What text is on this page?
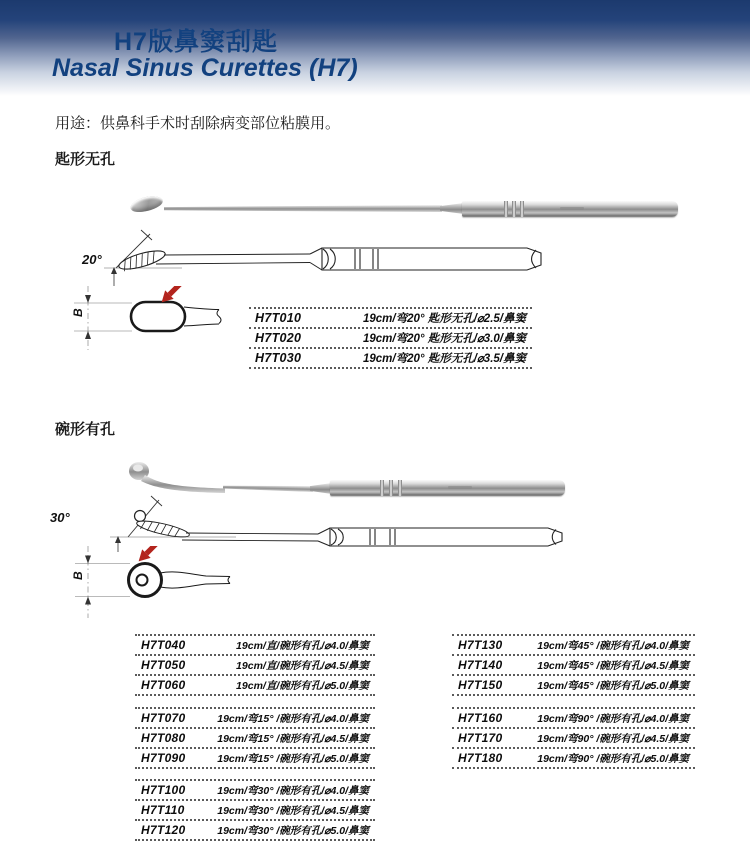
H7版鼻窦刮匙
Nasal Sinus Curettes (H7)
用途：供鼻科手术时刮除病变部位粘膜用。
匙形无孔
20°
B	H7T010	19cm/弯20° 匙形无孔/⌀2.5/鼻窦
H7T020	19cm/弯20° 匙形无孔/⌀3.0/鼻窦
H7T030	19cm/弯20° 匙形无孔/⌀3.5/鼻窦
碗形有孔
30°
B
H7T040	19cm/直/碗形有孔/⌀4.0/鼻窦
H7T050	19cm/直/碗形有孔/⌀4.5/鼻窦
H7T060	19cm/直/碗形有孔/⌀5.0/鼻窦
H7T130	19cm/弯45° /碗形有孔/⌀4.0/鼻窦
H7T140	19cm/弯45° /碗形有孔/⌀4.5/鼻窦
H7T150	19cm/弯45° /碗形有孔/⌀5.0/鼻窦
H7T070	19cm/弯15° /碗形有孔/⌀4.0/鼻窦
H7T080	19cm/弯15° /碗形有孔/⌀4.5/鼻窦
H7T090	19cm/弯15° /碗形有孔/⌀5.0/鼻窦
H7T160	19cm/弯90° /碗形有孔/⌀4.0/鼻窦
H7T170	19cm/弯90° /碗形有孔/⌀4.5/鼻窦
H7T180	19cm/弯90° /碗形有孔/⌀5.0/鼻窦
H7T100	19cm/弯30° /碗形有孔/⌀4.0/鼻窦
H7T110	19cm/弯30° /碗形有孔/⌀4.5/鼻窦
H7T120	19cm/弯30° /碗形有孔/⌀5.0/鼻窦
